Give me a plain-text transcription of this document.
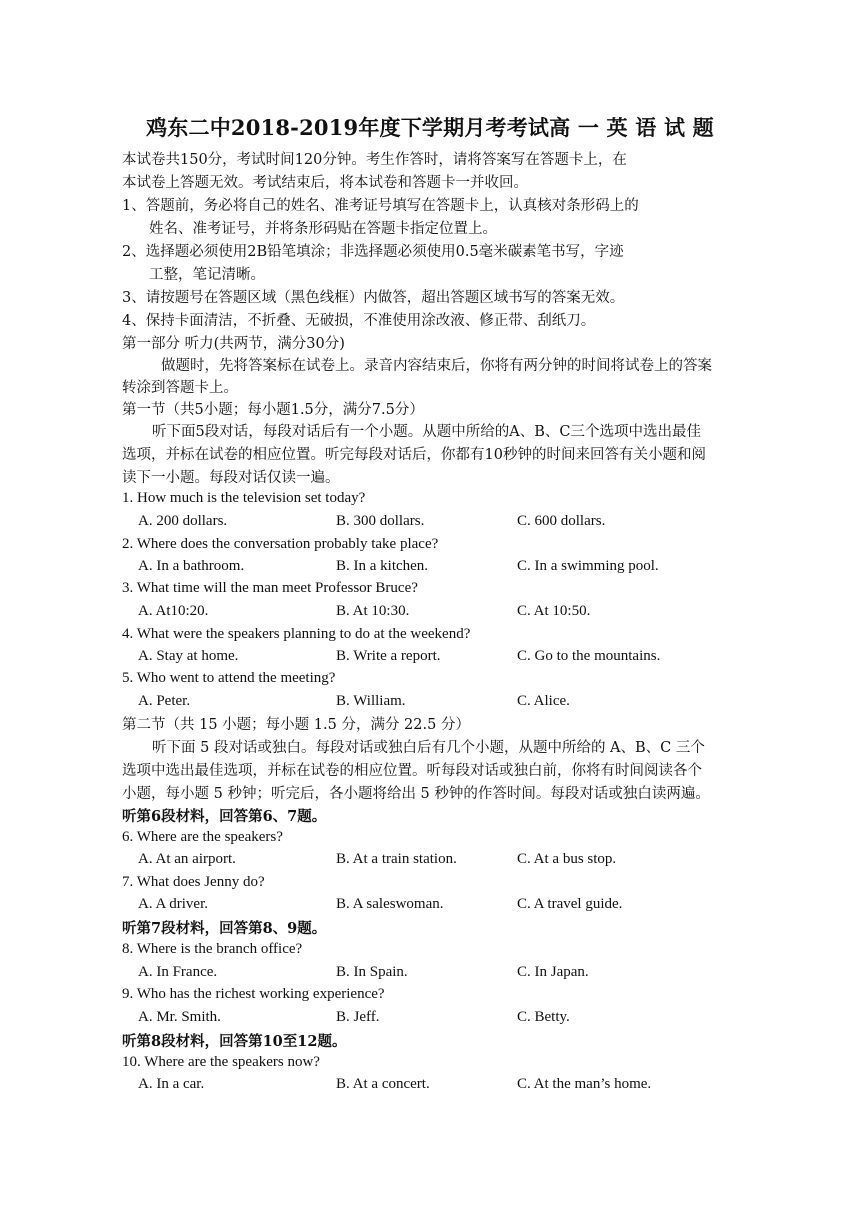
鸡东二中2018-2019年度下学期月考考试高 一 英 语 试 题
本试卷共150分，考试时间120分钟。考生作答时，请将答案写在答题卡上，在
本试卷上答题无效。考试结束后，将本试卷和答题卡一并收回。
1、答题前，务必将自己的姓名、准考证号填写在答题卡上，认真核对条形码上的
姓名、准考证号，并将条形码贴在答题卡指定位置上。
2、选择题必须使用2B铅笔填涂；非选择题必须使用0.5毫米碳素笔书写，字迹
工整，笔记清晰。
3、请按题号在答题区域（黑色线框）内做答，超出答题区域书写的答案无效。
4、保持卡面清洁，不折叠、无破损，不准使用涂改液、修正带、刮纸刀。
第一部分 听力(共两节，满分30分)
做题时，先将答案标在试卷上。录音内容结束后，你将有两分钟的时间将试卷上的答案
转涂到答题卡上。
第一节（共5小题；每小题1.5分，满分7.5分）
听下面5段对话，每段对话后有一个小题。从题中所给的A、B、C三个选项中选出最佳
选项，并标在试卷的相应位置。听完每段对话后，你都有10秒钟的时间来回答有关小题和阅
读下一小题。每段对话仅读一遍。
1. How much is the television set today?
A. 200 dollars.	B. 300 dollars.	C. 600 dollars.
2. Where does the conversation probably take place?
A. In a bathroom.	B. In a kitchen.	C. In a swimming pool.
3. What time will the man meet Professor Bruce?
A. At10:20.	B. At 10:30.	C. At 10:50.
4. What were the speakers planning to do at the weekend?
A. Stay at home.	B. Write a report.	C. Go to the mountains.
5. Who went to attend the meeting?
A. Peter.	B. William.	C. Alice.
第二节（共 15 小题；每小题 1.5 分，满分 22.5 分）
听下面 5 段对话或独白。每段对话或独白后有几个小题，从题中所给的 A、B、C 三个
选项中选出最佳选项，并标在试卷的相应位置。听每段对话或独白前，你将有时间阅读各个
小题，每小题 5 秒钟；听完后，各小题将给出 5 秒钟的作答时间。每段对话或独白读两遍。
听第6段材料，回答第6、7题。
6. Where are the speakers?
A. At an airport.	B. At a train station.	C. At a bus stop.
7. What does Jenny do?
A. A driver.	B. A saleswoman.	C. A travel guide.
听第7段材料，回答第8、9题。
8. Where is the branch office?
A. In France.	B. In Spain.	C. In Japan.
9. Who has the richest working experience?
A. Mr. Smith.	B. Jeff.	C. Betty.
听第8段材料，回答第10至12题。
10. Where are the speakers now?
A. In a car.	B. At a concert.	C. At the man’s home.
